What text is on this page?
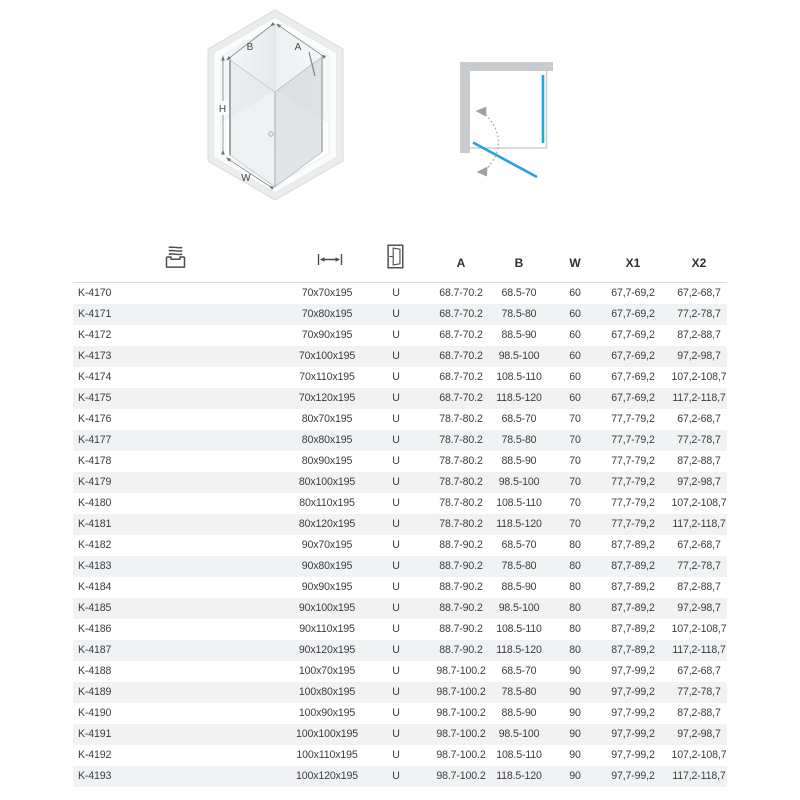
B	A
H
W
A	B	W	X1	X2
K-4170	70x70x195	U	68.7-70.2	68.5-70	60	67,7-69,2	67,2-68,7
K-4171	70x80x195	U	68.7-70.2	78.5-80	60	67,7-69,2	77,2-78,7
K-4172	70x90x195	U	68.7-70.2	88.5-90	60	67,7-69,2	87,2-88,7
K-4173	70x100x195	U	68.7-70.2	98.5-100	60	67,7-69,2	97,2-98,7
K-4174	70x110x195	U	68.7-70.2	108.5-110	60	67,7-69,2	107,2-108,7
K-4175	70x120x195	U	68.7-70.2	118.5-120	60	67,7-69,2	117,2-118,7
K-4176	80x70x195	U	78.7-80.2	68.5-70	70	77,7-79,2	67,2-68,7
K-4177	80x80x195	U	78.7-80.2	78.5-80	70	77,7-79,2	77,2-78,7
K-4178	80x90x195	U	78.7-80.2	88.5-90	70	77,7-79,2	87,2-88,7
K-4179	80x100x195	U	78.7-80.2	98.5-100	70	77,7-79,2	97,2-98,7
K-4180	80x110x195	U	78.7-80.2	108.5-110	70	77,7-79,2	107,2-108,7
K-4181	80x120x195	U	78.7-80.2	118.5-120	70	77,7-79,2	117,2-118,7
K-4182	90x70x195	U	88.7-90.2	68.5-70	80	87,7-89,2	67,2-68,7
K-4183	90x80x195	U	88.7-90.2	78.5-80	80	87,7-89,2	77,2-78,7
K-4184	90x90x195	U	88.7-90.2	88.5-90	80	87,7-89,2	87,2-88,7
K-4185	90x100x195	U	88.7-90.2	98.5-100	80	87,7-89,2	97,2-98,7
K-4186	90x110x195	U	88.7-90.2	108.5-110	80	87,7-89,2	107,2-108,7
K-4187	90x120x195	U	88.7-90.2	118.5-120	80	87,7-89,2	117,2-118,7
K-4188	100x70x195	U	98.7-100.2	68.5-70	90	97,7-99,2	67,2-68,7
K-4189	100x80x195	U	98.7-100.2	78.5-80	90	97,7-99,2	77,2-78,7
K-4190	100x90x195	U	98.7-100.2	88.5-90	90	97,7-99,2	87,2-88,7
K-4191	100x100x195	U	98.7-100.2	98.5-100	90	97,7-99,2	97,2-98,7
K-4192	100x110x195	U	98.7-100.2	108.5-110	90	97,7-99,2	107,2-108,7
K-4193	100x120x195	U	98.7-100.2	118.5-120	90	97,7-99,2	117,2-118,7
